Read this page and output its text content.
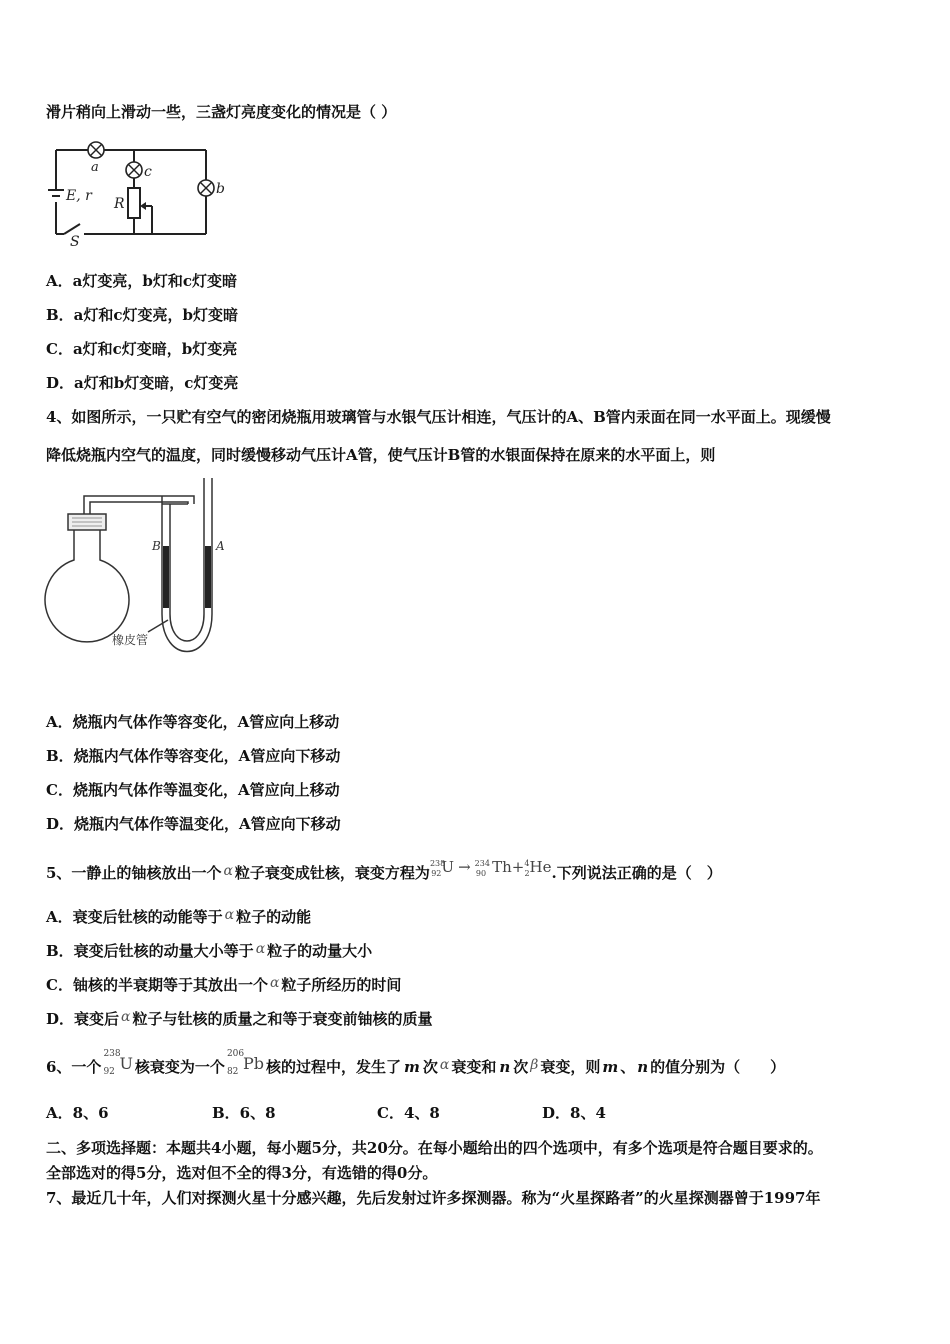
滑片稍向上滑动一些，三盏灯亮度变化的情况是（ ）
a	c
b
E, r R
S
A．a灯变亮，b灯和c灯变暗
B．a灯和c灯变亮，b灯变暗
C．a灯和c灯变暗，b灯变亮
D．a灯和b灯变暗，c灯变亮
4、如图所示，一只贮有空气的密闭烧瓶用玻璃管与水银气压计相连，气压计的A、B管内汞面在同一水平面上。现缓慢
降低烧瓶内空气的温度，同时缓慢移动气压计A管，使气压计B管的水银面保持在原来的水平面上，则
B	A
橡皮管
A．烧瓶内气体作等容变化，A管应向上移动
B．烧瓶内气体作等容变化，A管应向下移动
C．烧瓶内气体作等温变化，A管应向上移动
D．烧瓶内气体作等温变化，A管应向下移动
5、一静止的铀核放出一个 α 粒子衰变成钍核，衰变方程为$^{238}_{92}$U → $^{234}_{90}$ Th+$^4_2$He.下列说法正确的是（　）
A．衰变后钍核的动能等于 α 粒子的动能
B．衰变后钍核的动量大小等于 α 粒子的动量大小
C．铀核的半衰期等于其放出一个 α 粒子所经历的时间
D．衰变后 α 粒子与钍核的质量之和等于衰变前铀核的质量
6、一个
238
92 U 核衰变为一个
206
82 Pb 核的过程中，发生了 m 次 α 衰变和 n 次 β 衰变，则 m 、 n 的值分别为（　　）
A．8、6	B．6、8	C．4、8	D．8、4
二、多项选择题：本题共4小题，每小题5分，共20分。在每小题给出的四个选项中，有多个选项是符合题目要求的。
全部选对的得5分，选对但不全的得3分，有选错的得0分。
7、最近几十年，人们对探测火星十分感兴趣，先后发射过许多探测器。称为“火星探路者”的火星探测器曾于1997年
